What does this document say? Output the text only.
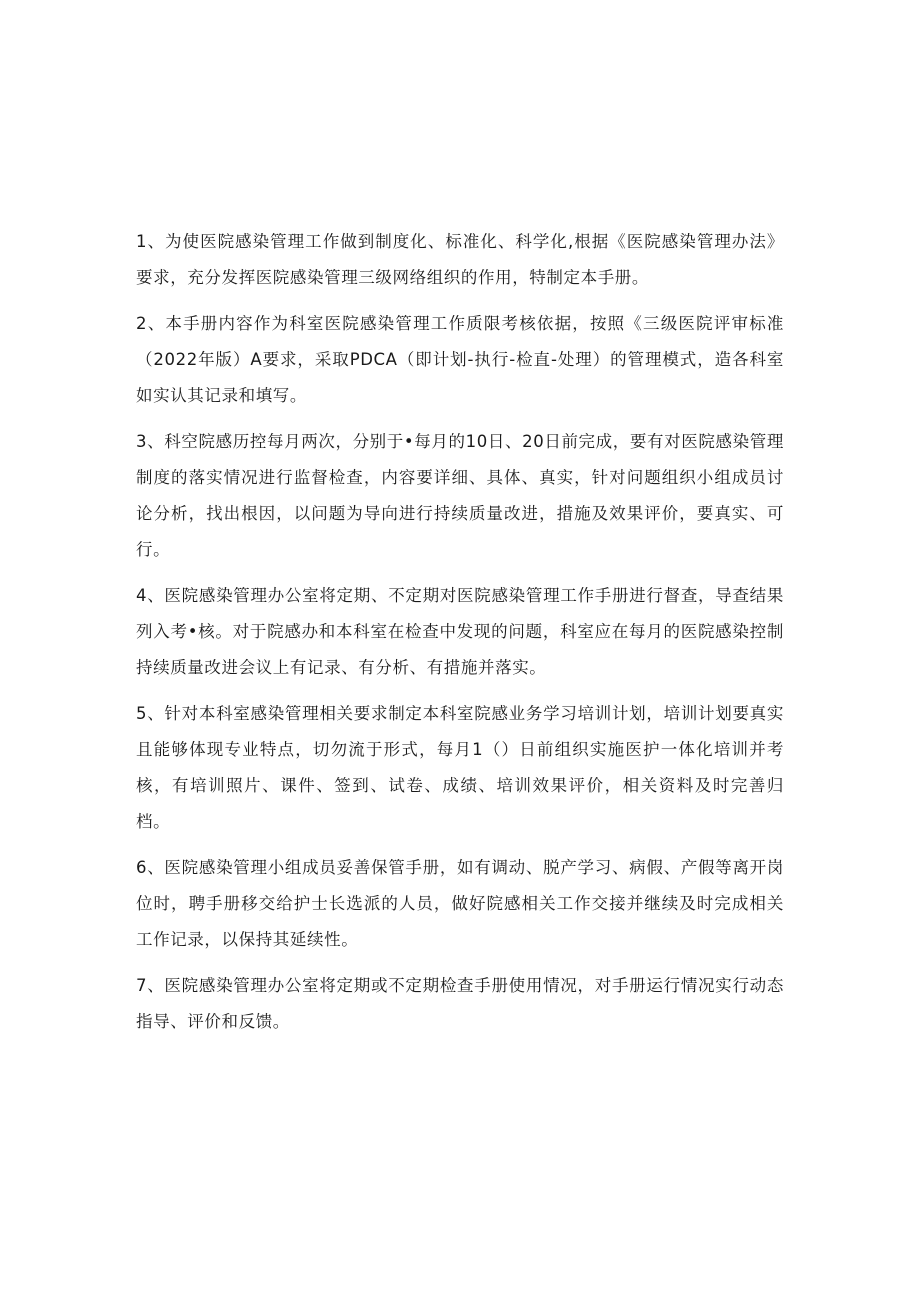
1、为使医院感染管理工作做到制度化、标准化、科学化,根据《医院感染管理办法》要求，充分发挥医院感染管理三级网络组织的作用，特制定本手册。

2、本手册内容作为科室医院感染管理工作质限考核依据，按照《三级医院评审标准（2022年版）A要求，采取PDCA（即计划-执行-检直-处理）的管理模式，造各科室如实认其记录和填写。

3、科空院感历控每月两次，分别于•每月的10日、20日前完成，要有对医院感染管理制度的落实情况进行监督检查，内容要详细、具体、真实，针对问题组织小组成员讨论分析，找出根因，以问题为导向进行持续质量改进，措施及效果评价，要真实、可行。

4、医院感染管理办公室将定期、不定期对医院感染管理工作手册进行督查，导查结果列入考•核。对于院感办和本科室在检查中发现的问题，科室应在每月的医院感染控制持续质量改进会议上有记录、有分析、有措施并落实。

5、针对本科室感染管理相关要求制定本科室院感业务学习培训计划，培训计划要真实且能够体现专业特点，切勿流于形式，每月1（）日前组织实施医护一体化培训并考核，有培训照片、课件、签到、试卷、成绩、培训效果评价，相关资料及时完善归档。

6、医院感染管理小组成员妥善保管手册，如有调动、脱产学习、病假、产假等离开岗位时，聘手册移交给护士长选派的人员，做好院感相关工作交接并继续及时完成相关工作记录，以保持其延续性。

7、医院感染管理办公室将定期或不定期检查手册使用情况，对手册运行情况实行动态指导、评价和反馈。
